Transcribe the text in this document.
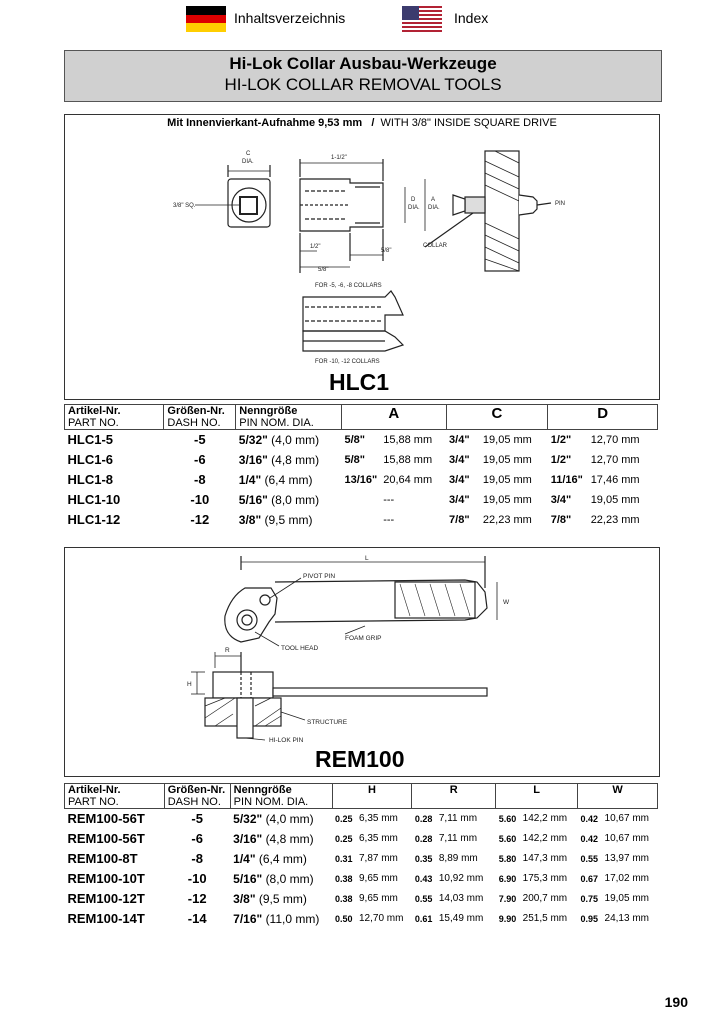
Inhaltsverzeichnis	Index
Hi-Lok Collar Ausbau-Werkzeuge
HI-LOK COLLAR REMOVAL TOOLS
Mit Innenvierkant-Aufnahme 9,53 mm / WITH 3/8" INSIDE SQUARE DRIVE
C
DIA.
3/8" SQ.
1-1/2"
1/2"
5/8"
5/8"
D
DIA.
A
DIA.
COLLAR
PIN
FOR -5, -6, -8 COLLARS
FOR -10, -12 COLLARS
HLC1
Artikel-Nr.
PART NO.	Größen-Nr.
DASH NO.	Nenngröße
PIN NOM. DIA.	A		C		D	
HLC1-5	-5	5/32" (4,0 mm)	5/8"	15,88 mm	3/4"	19,05 mm	1/2"	12,70 mm
HLC1-6	-6	3/16" (4,8 mm)	5/8"	15,88 mm	3/4"	19,05 mm	1/2"	12,70 mm
HLC1-8	-8	1/4" (6,4 mm)	13/16"	20,64 mm	3/4"	19,05 mm	11/16"	17,46 mm
HLC1-10	-10	5/16" (8,0 mm)		---	3/4"	19,05 mm	3/4"	19,05 mm
HLC1-12	-12	3/8" (9,5 mm)		---	7/8"	22,23 mm	7/8"	22,23 mm
L
W
R
H
PIVOT PIN
TOOL HEAD
FOAM GRIP
STRUCTURE
HI-LOK PIN
REM100
Artikel-Nr.
PART NO.	Größen-Nr.
DASH NO.	Nenngröße
PIN NOM. DIA.	H		R		L		W	
REM100-56T	-5	5/32" (4,0 mm)	0.25	6,35 mm	0.28	7,11 mm	5.60	142,2 mm	0.42	10,67 mm
REM100-56T	-6	3/16" (4,8 mm)	0.25	6,35 mm	0.28	7,11 mm	5.60	142,2 mm	0.42	10,67 mm
REM100-8T	-8	1/4" (6,4 mm)	0.31	7,87 mm	0.35	8,89 mm	5.80	147,3 mm	0.55	13,97 mm
REM100-10T	-10	5/16" (8,0 mm)	0.38	9,65 mm	0.43	10,92 mm	6.90	175,3 mm	0.67	17,02 mm
REM100-12T	-12	3/8" (9,5 mm)	0.38	9,65 mm	0.55	14,03 mm	7.90	200,7 mm	0.75	19,05 mm
REM100-14T	-14	7/16" (11,0 mm)	0.50	12,70 mm	0.61	15,49 mm	9.90	251,5 mm	0.95	24,13 mm
190
